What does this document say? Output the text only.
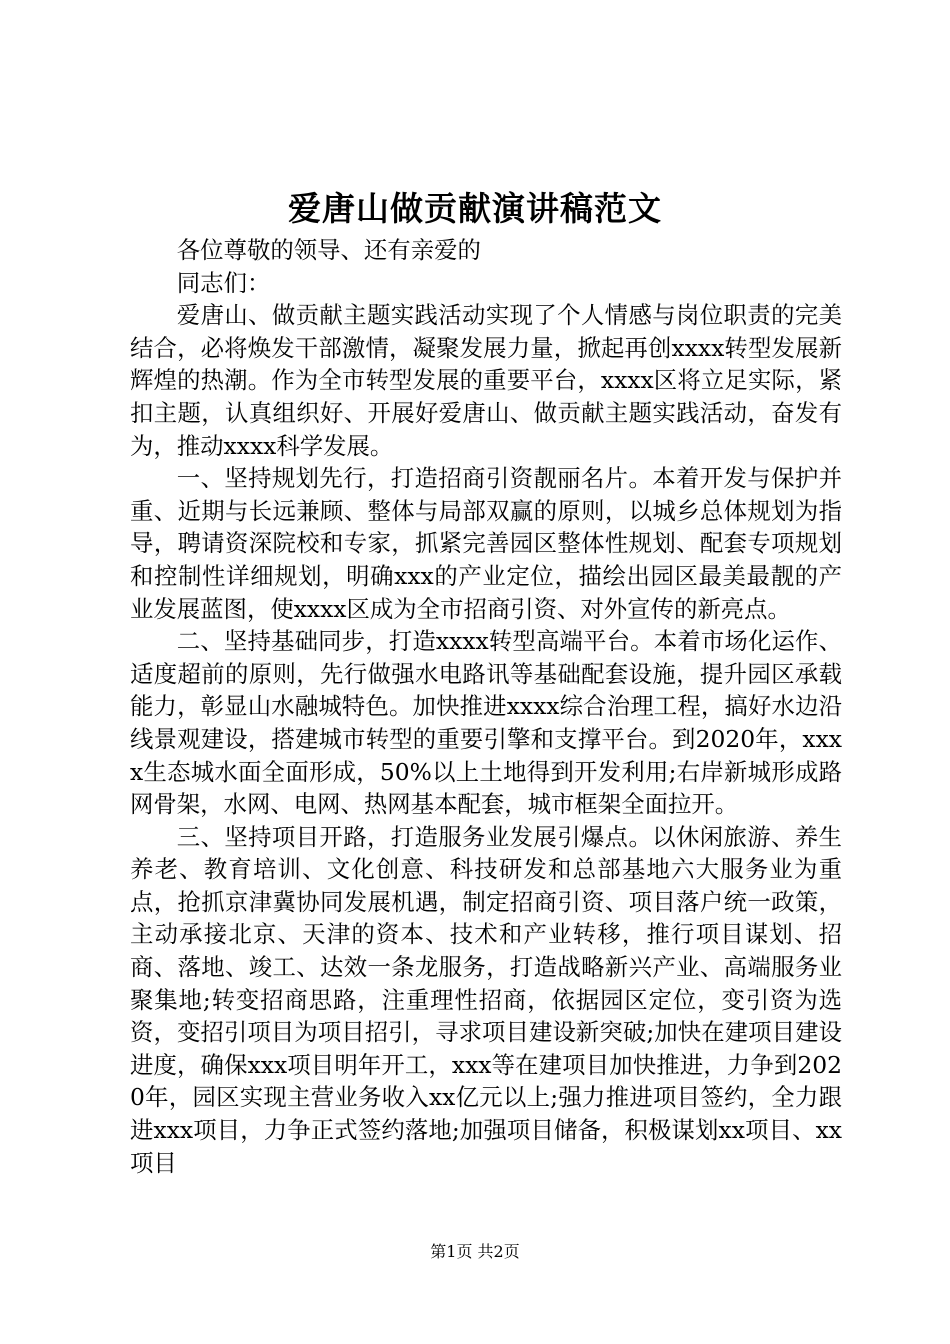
爱唐山做贡献演讲稿范文

各位尊敬的领导、还有亲爱的

同志们：

爱唐山、做贡献主题实践活动实现了个人情感与岗位职责的完美结合，必将焕发干部激情，凝聚发展力量，掀起再创xxxx转型发展新辉煌的热潮。作为全市转型发展的重要平台，xxxx区将立足实际，紧扣主题，认真组织好、开展好爱唐山、做贡献主题实践活动，奋发有为，推动xxxx科学发展。

一、坚持规划先行，打造招商引资靓丽名片。本着开发与保护并重、近期与长远兼顾、整体与局部双赢的原则，以城乡总体规划为指导，聘请资深院校和专家，抓紧完善园区整体性规划、配套专项规划和控制性详细规划，明确xxx的产业定位，描绘出园区最美最靓的产业发展蓝图，使xxxx区成为全市招商引资、对外宣传的新亮点。

二、坚持基础同步，打造xxxx转型高端平台。本着市场化运作、适度超前的原则，先行做强水电路讯等基础配套设施，提升园区承载能力，彰显山水融城特色。加快推进xxxx综合治理工程，搞好水边沿线景观建设，搭建城市转型的重要引擎和支撑平台。到2020年，xxxx生态城水面全面形成，50%以上土地得到开发利用;右岸新城形成路网骨架，水网、电网、热网基本配套，城市框架全面拉开。

三、坚持项目开路，打造服务业发展引爆点。以休闲旅游、养生养老、教育培训、文化创意、科技研发和总部基地六大服务业为重点，抢抓京津冀协同发展机遇，制定招商引资、项目落户统一政策，主动承接北京、天津的资本、技术和产业转移，推行项目谋划、招商、落地、竣工、达效一条龙服务，打造战略新兴产业、高端服务业聚集地;转变招商思路，注重理性招商，依据园区定位，变引资为选资，变招引项目为项目招引，寻求项目建设新突破;加快在建项目建设进度，确保xxx项目明年开工，xxx等在建项目加快推进，力争到2020年，园区实现主营业务收入xx亿元以上;强力推进项目签约，全力跟进xxx项目，力争正式签约落地;加强项目储备，积极谋划xx项目、xx项目

第1页 共2页
